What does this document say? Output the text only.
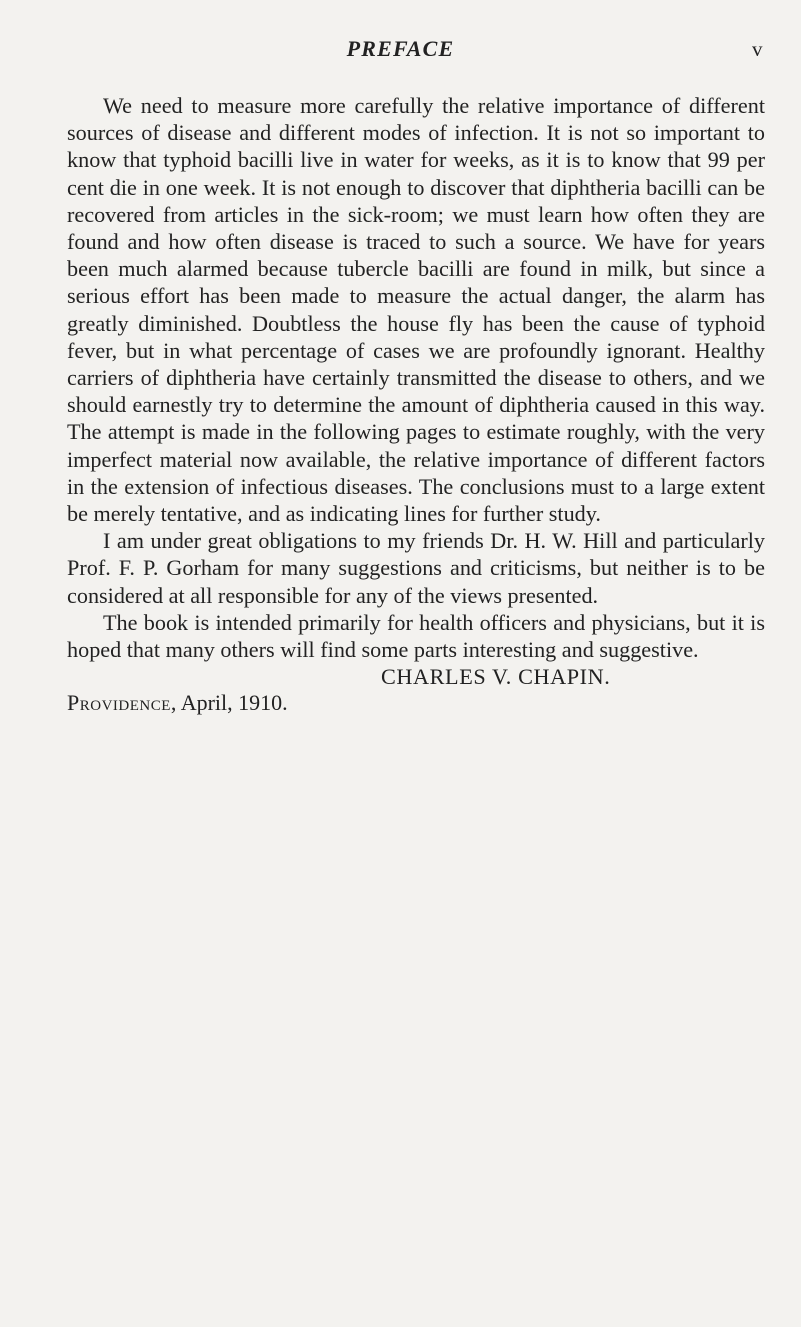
PREFACE	v

We need to measure more carefully the relative importance of different sources of disease and different modes of infection. It is not so important to know that typhoid bacilli live in water for weeks, as it is to know that 99 per cent die in one week. It is not enough to discover that diphtheria bacilli can be recovered from articles in the sick-room; we must learn how often they are found and how often disease is traced to such a source. We have for years been much alarmed because tubercle bacilli are found in milk, but since a serious effort has been made to measure the actual danger, the alarm has greatly diminished. Doubtless the house fly has been the cause of typhoid fever, but in what percentage of cases we are profoundly ignorant. Healthy carriers of diphtheria have certainly transmitted the disease to others, and we should earnestly try to determine the amount of diphtheria caused in this way. The attempt is made in the following pages to estimate roughly, with the very imperfect material now available, the relative importance of different factors in the extension of infectious diseases. The conclusions must to a large extent be merely tentative, and as indicating lines for further study.

I am under great obligations to my friends Dr. H. W. Hill and particularly Prof. F. P. Gorham for many suggestions and criticisms, but neither is to be considered at all responsible for any of the views presented.

The book is intended primarily for health officers and physicians, but it is hoped that many others will find some parts interesting and suggestive.

CHARLES V. CHAPIN.

Providence, April, 1910.
